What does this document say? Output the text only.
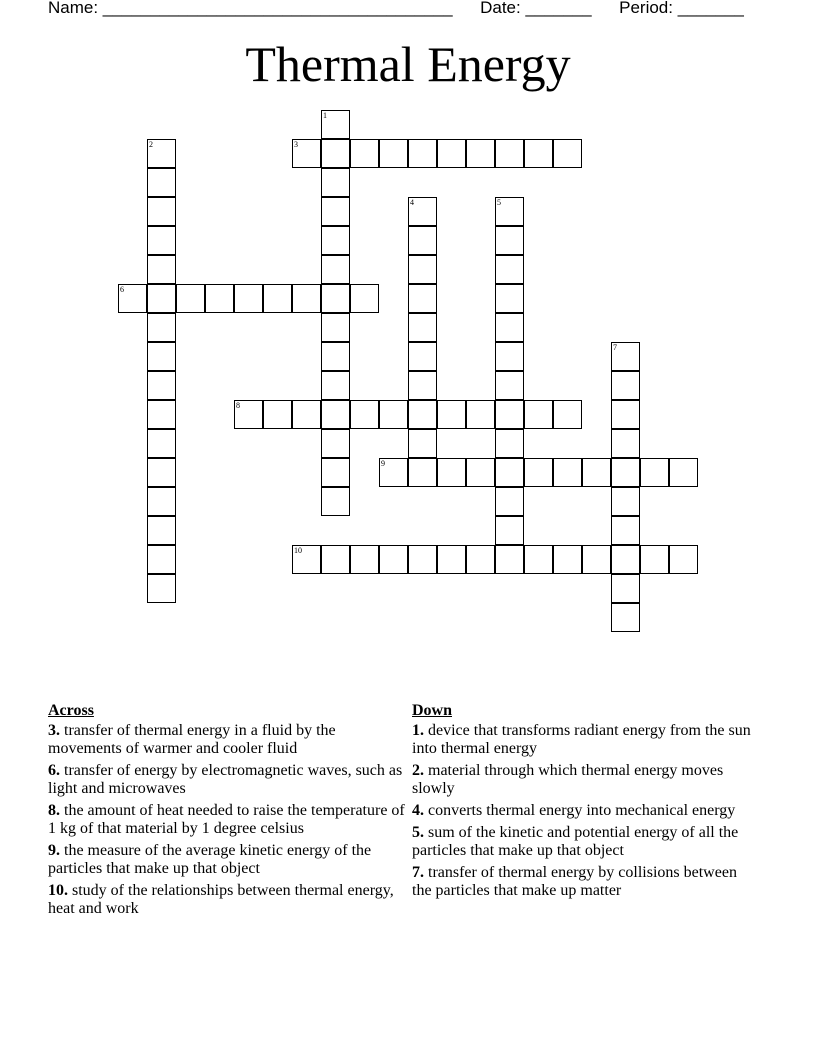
Name: _____________________________________ Date: _______ Period: _______
Thermal Energy
1
2	3
4	5
6
7
8
9
10
Across
3. transfer of thermal energy in a fluid by the movements of warmer and cooler fluid
6. transfer of energy by electromagnetic waves, such as light and microwaves
8. the amount of heat needed to raise the temperature of 1 kg of that material by 1 degree celsius
9. the measure of the average kinetic energy of the particles that make up that object
10. study of the relationships between thermal energy, heat and work
Down
1. device that transforms radiant energy from the sun into thermal energy
2. material through which thermal energy moves slowly
4. converts thermal energy into mechanical energy
5. sum of the kinetic and potential energy of all the particles that make up that object
7. transfer of thermal energy by collisions between the particles that make up matter
